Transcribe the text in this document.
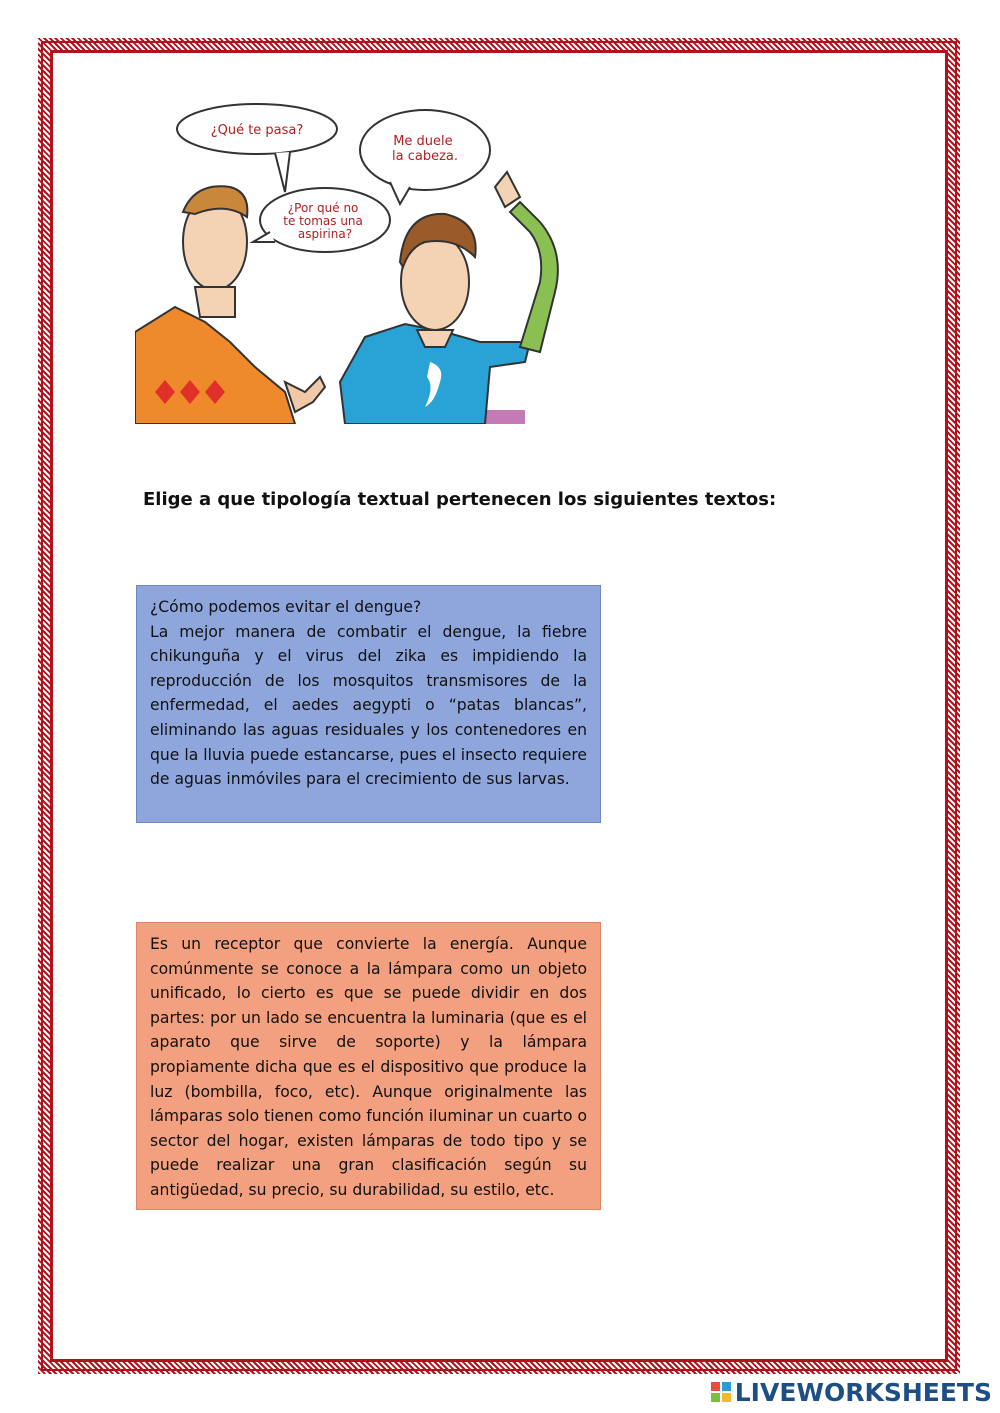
¿Qué te pasa?
¿Por qué no te tomas una aspirina?
Me duele la cabeza.
Elige a que tipología textual pertenecen los siguientes textos:
¿Cómo podemos evitar el dengue?

La mejor manera de combatir el dengue, la fiebre chikunguña y el virus del zika es impidiendo la reproducción de los mosquitos transmisores de la enfermedad, el aedes aegypti o “patas blancas”, eliminando las aguas residuales y los contenedores en que la lluvia puede estancarse, pues el insecto requiere de aguas inmóviles para el crecimiento de sus larvas.

Es un receptor que convierte la energía. Aunque comúnmente se conoce a la lámpara como un objeto unificado, lo cierto es que se puede dividir en dos partes: por un lado se encuentra la luminaria (que es el aparato que sirve de soporte) y la lámpara propiamente dicha que es el dispositivo que produce la luz (bombilla, foco, etc). Aunque originalmente las lámparas solo tienen como función iluminar un cuarto o sector del hogar, existen lámparas de todo tipo y se puede realizar una gran clasificación según su antigüedad, su precio, su durabilidad, su estilo, etc.

LIVEWORKSHEETS
